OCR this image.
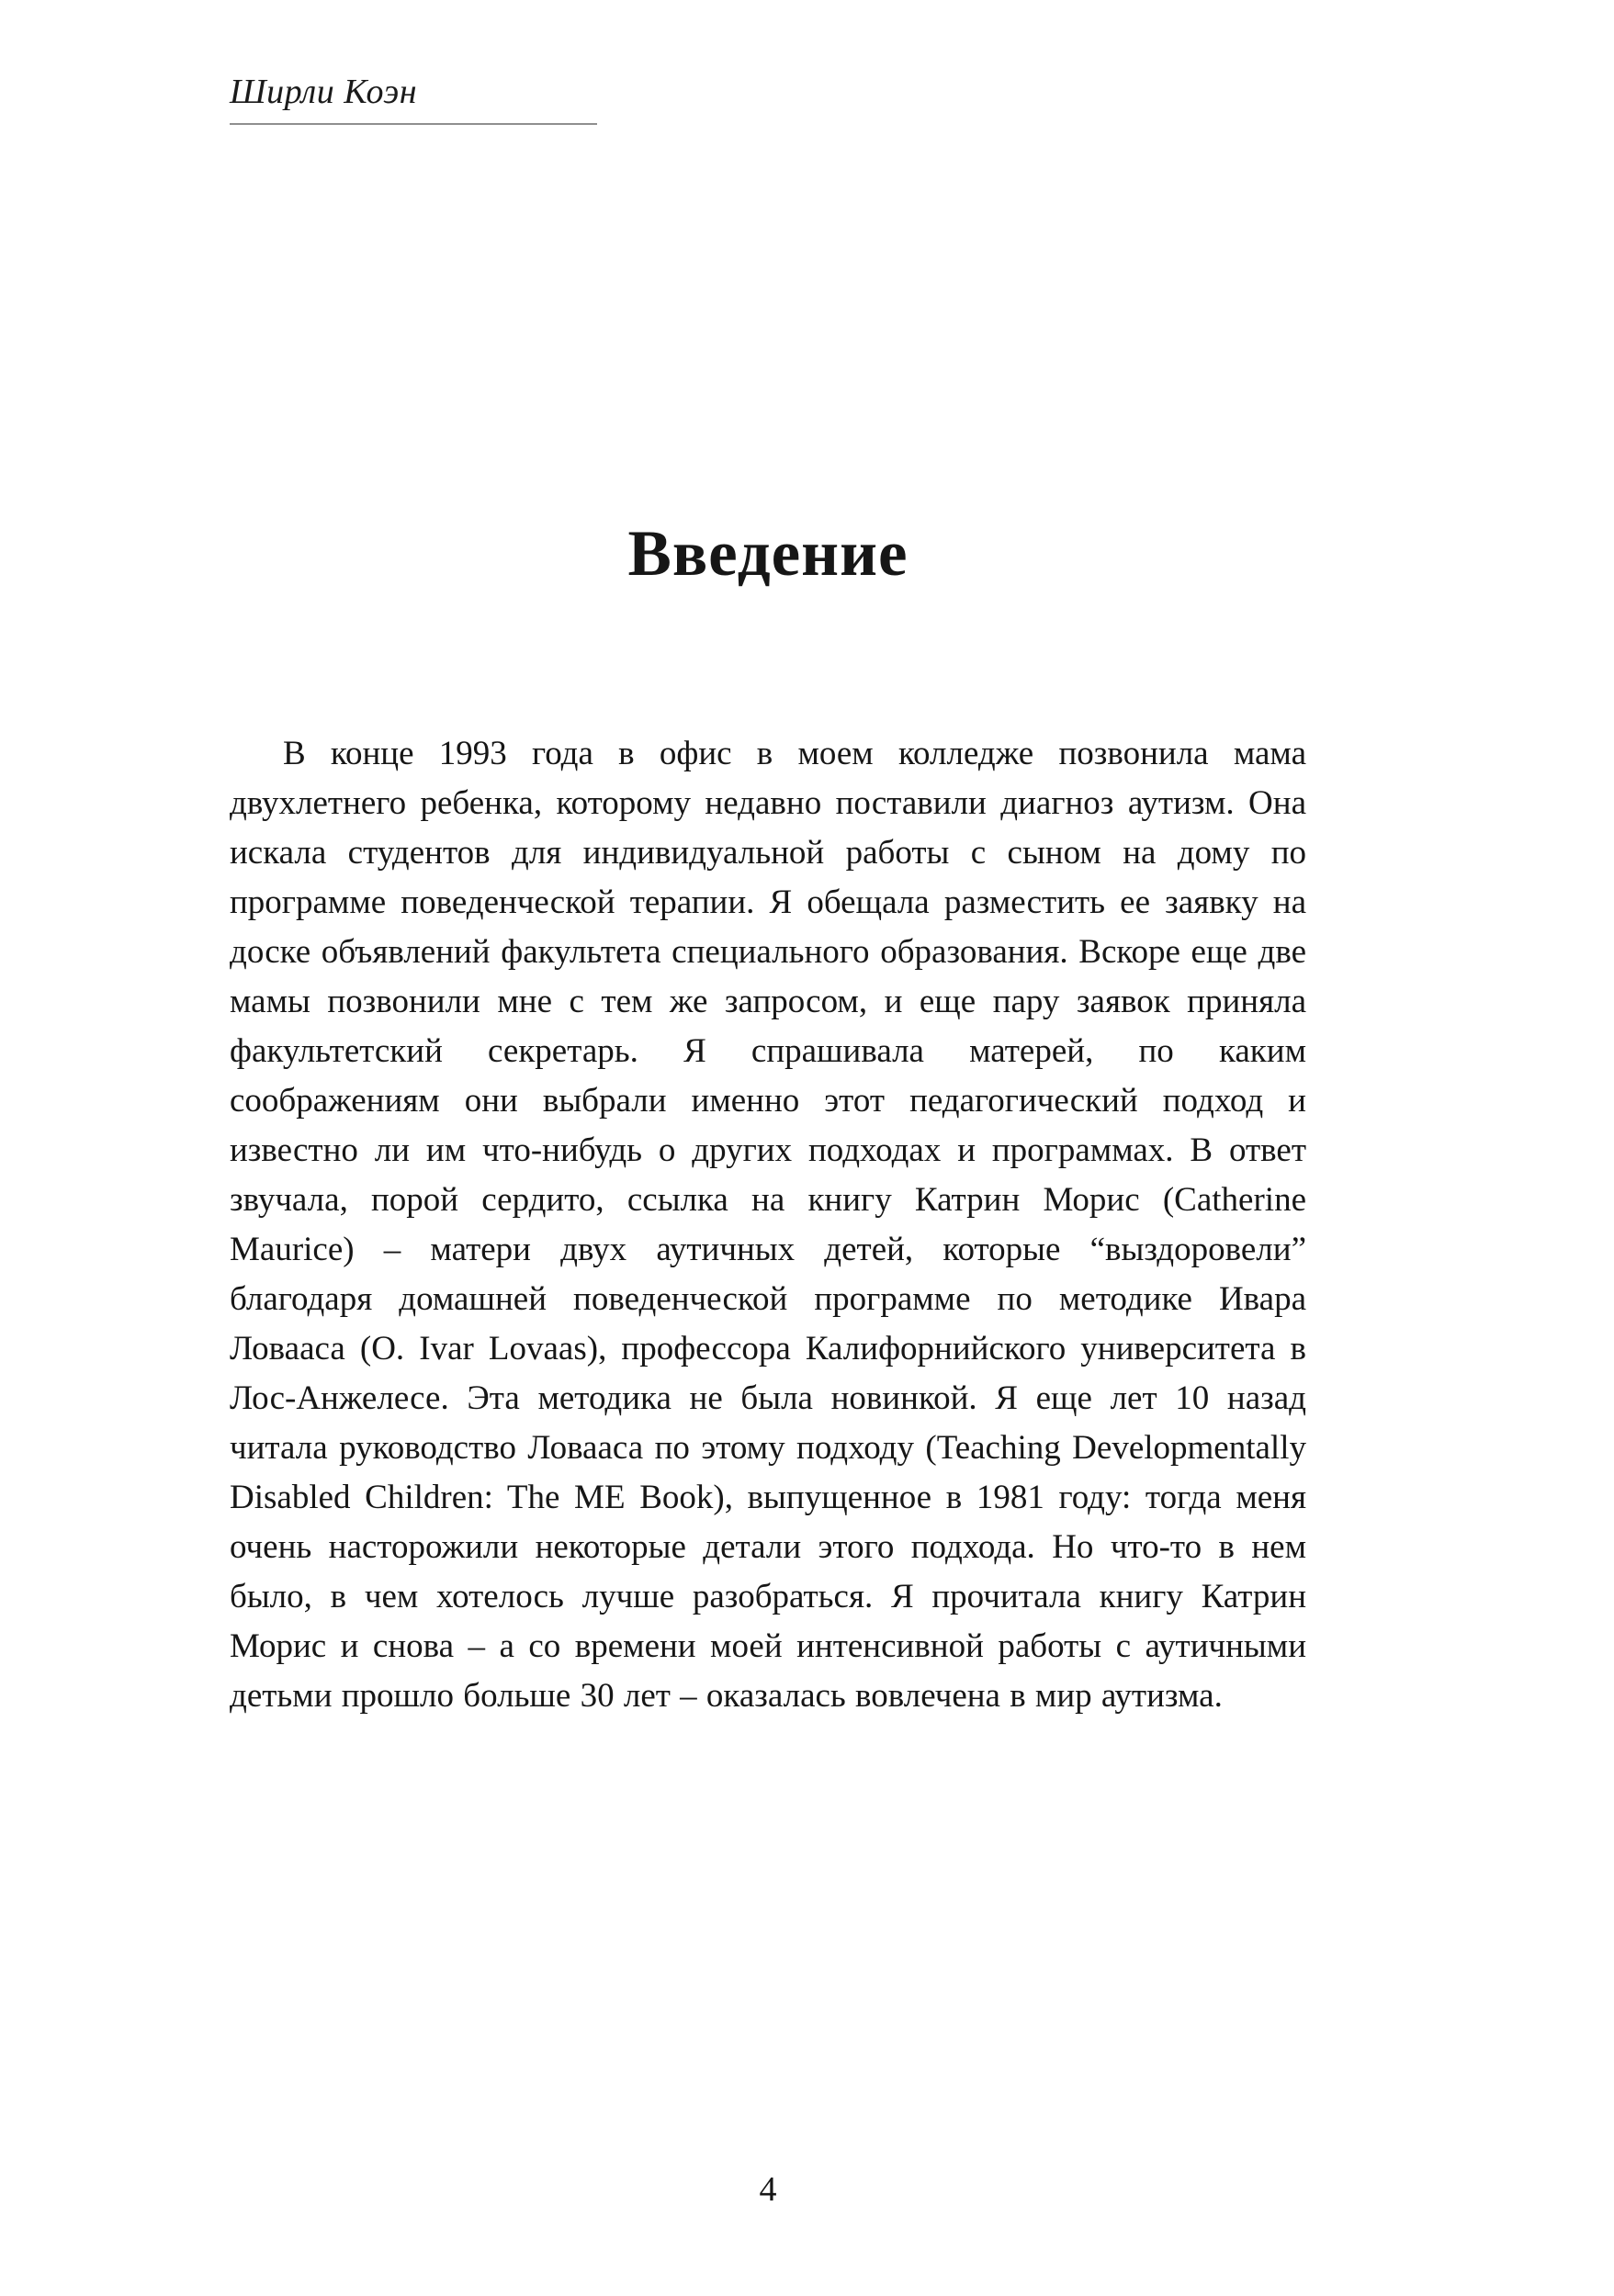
Ширли Коэн
Введение

В конце 1993 года в офис в моем колледже позвонила мама двухлетнего ребенка, которому недавно поставили диагноз аутизм. Она искала студентов для индивидуальной работы с сыном на дому по программе поведенческой терапии. Я обещала разместить ее заявку на доске объявлений факультета специального образования. Вскоре еще две мамы позвонили мне с тем же запросом, и еще пару заявок приняла факультетский секретарь. Я спрашивала матерей, по каким соображениям они выбрали именно этот педагогический подход и известно ли им что-нибудь о других подходах и программах. В ответ звучала, порой сердито, ссылка на книгу Катрин Морис (Catherine Maurice) – матери двух аутичных детей, которые “выздоровели” благодаря домашней поведенческой программе по методике Ивара Ловааса (O. Ivar Lovaas), профессора Калифорнийского университета в Лос-Анжелесе. Эта методика не была новинкой. Я еще лет 10 назад читала руководство Ловааса по этому подходу (Teaching Developmentally Disabled Children: The ME Book), выпущенное в 1981 году: тогда меня очень насторожили некоторые детали этого подхода. Но что-то в нем было, в чем хотелось лучше разобраться. Я прочитала книгу Катрин Морис и снова – а со времени моей интенсивной работы с аутичными детьми прошло больше 30 лет – оказалась вовлечена в мир аутизма.

4
